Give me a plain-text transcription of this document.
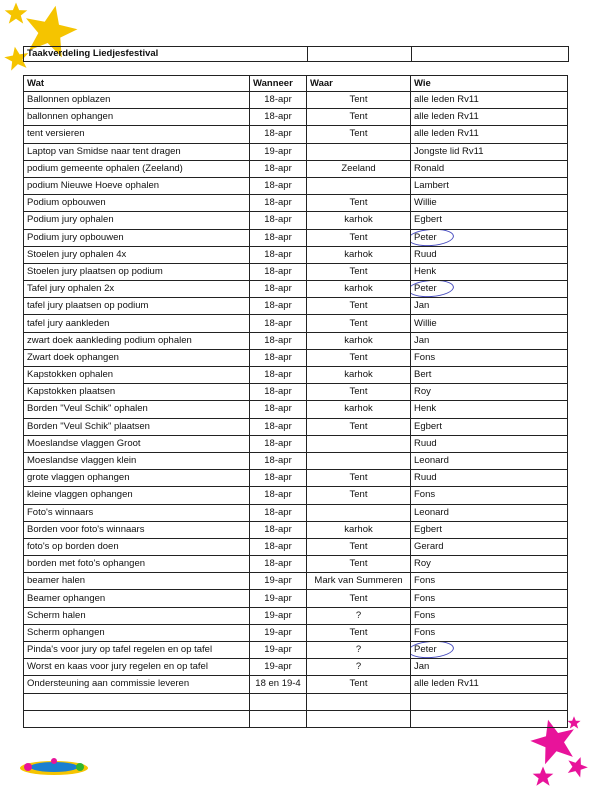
Taakverdeling Liedjesfestival		
Wat	Wanneer	Waar	Wie
Ballonnen opblazen	18-apr	Tent	alle leden Rv11
ballonnen ophangen	18-apr	Tent	alle leden Rv11
tent versieren	18-apr	Tent	alle leden Rv11
Laptop van Smidse naar tent dragen	19-apr		Jongste lid Rv11
podium gemeente ophalen (Zeeland)	18-apr	Zeeland	Ronald
podium Nieuwe Hoeve ophalen	18-apr		Lambert
Podium opbouwen	18-apr	Tent	Willie
Podium jury ophalen	18-apr	karhok	Egbert
Podium jury opbouwen	18-apr	Tent	Peter

Stoelen jury ophalen 4x	18-apr	karhok	Ruud
Stoelen jury plaatsen op podium	18-apr	Tent	Henk
Tafel jury ophalen 2x	18-apr	karhok	Peter

tafel jury plaatsen op podium	18-apr	Tent	Jan
tafel jury aankleden	18-apr	Tent	Willie
zwart doek aankleding podium ophalen	18-apr	karhok	Jan
Zwart doek ophangen	18-apr	Tent	Fons
Kapstokken ophalen	18-apr	karhok	Bert
Kapstokken plaatsen	18-apr	Tent	Roy
Borden "Veul Schik" ophalen	18-apr	karhok	Henk
Borden "Veul Schik" plaatsen	18-apr	Tent	Egbert
Moeslandse vlaggen Groot	18-apr		Ruud
Moeslandse vlaggen klein	18-apr		Leonard
grote vlaggen ophangen	18-apr	Tent	Ruud
kleine vlaggen ophangen	18-apr	Tent	Fons
Foto's winnaars	18-apr		Leonard
Borden voor foto's winnaars	18-apr	karhok	Egbert
foto's op borden doen	18-apr	Tent	Gerard
borden met foto's ophangen	18-apr	Tent	Roy
beamer halen	19-apr	Mark van Summeren	Fons
Beamer ophangen	19-apr	Tent	Fons
Scherm halen	19-apr	?	Fons
Scherm ophangen	19-apr	Tent	Fons
Pinda's voor jury op tafel regelen en op tafel	19-apr	?	Peter

Worst en kaas voor jury regelen en op tafel	19-apr	?	Jan
Ondersteuning aan commissie leveren	18 en 19-4	Tent	alle leden Rv11
